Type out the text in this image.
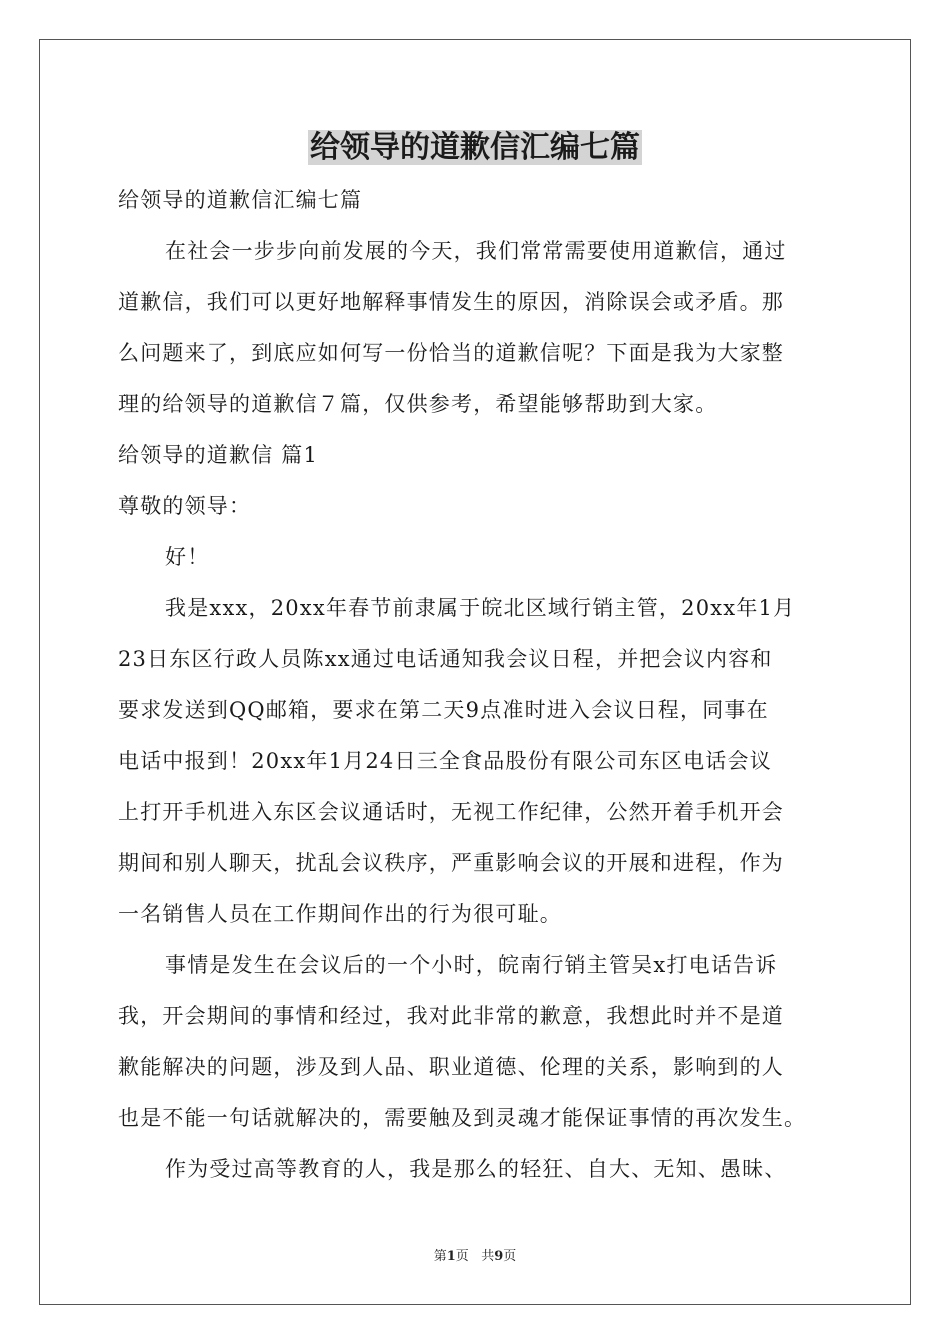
给领导的道歉信汇编七篇
给领导的道歉信汇编七篇
在社会一步步向前发展的今天，我们常常需要使用道歉信，通过
道歉信，我们可以更好地解释事情发生的原因，消除误会或矛盾。那
么问题来了，到底应如何写一份恰当的道歉信呢？下面是我为大家整
理的给领导的道歉信７篇，仅供参考，希望能够帮助到大家。
给领导的道歉信 篇1
尊敬的领导：
好！
我是xxx，20xx年春节前隶属于皖北区域行销主管，20xx年1月
23日东区行政人员陈xx通过电话通知我会议日程，并把会议内容和
要求发送到QQ邮箱，要求在第二天9点准时进入会议日程，同事在
电话中报到！20xx年1月24日三全食品股份有限公司东区电话会议
上打开手机进入东区会议通话时，无视工作纪律，公然开着手机开会
期间和别人聊天，扰乱会议秩序，严重影响会议的开展和进程，作为
一名销售人员在工作期间作出的行为很可耻。
事情是发生在会议后的一个小时，皖南行销主管吴x打电话告诉
我，开会期间的事情和经过，我对此非常的歉意，我想此时并不是道
歉能解决的问题，涉及到人品、职业道德、伦理的关系，影响到的人
也是不能一句话就解决的，需要触及到灵魂才能保证事情的再次发生。
作为受过高等教育的人，我是那么的轻狂、自大、无知、愚昧、
第1页 共9页
